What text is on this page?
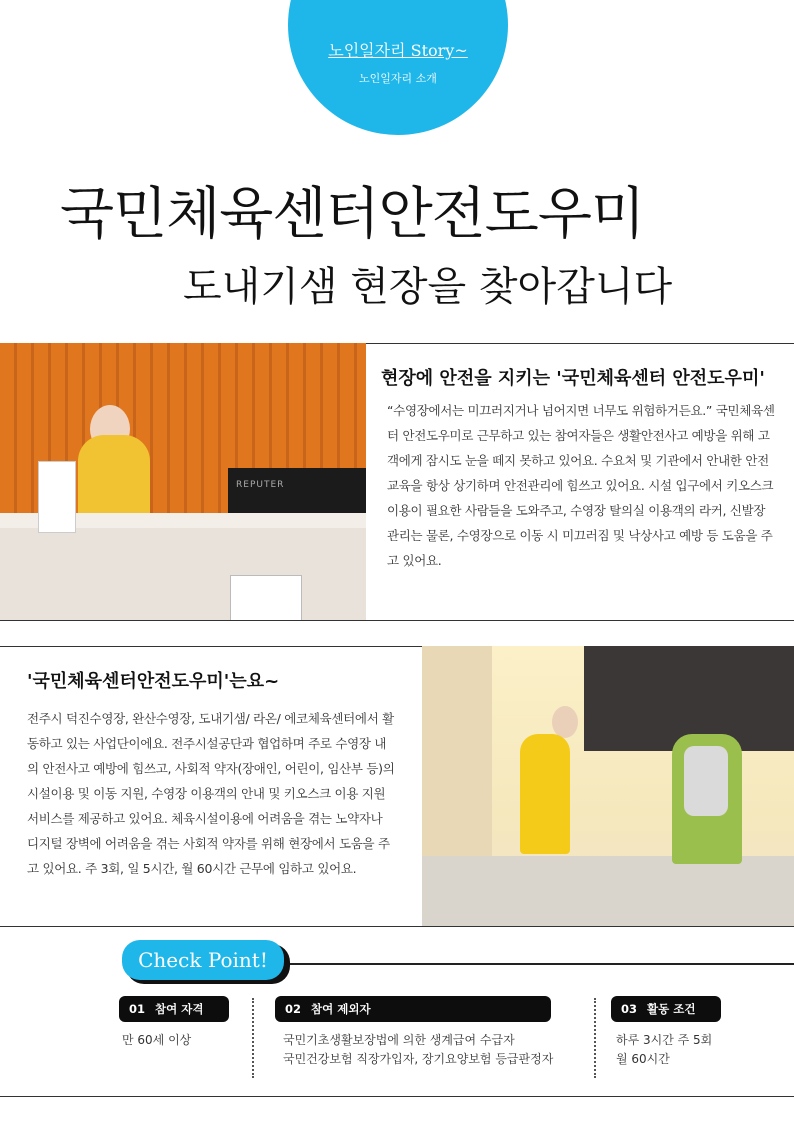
노인일자리 Story~
노인일자리 소개
국민체육센터안전도우미
도내기샘 현장을 찾아갑니다
REPUTER
현장에 안전을 지키는 '국민체육센터 안전도우미'

“수영장에서는 미끄러지거나 넘어지면 너무도 위험하거든요.” 국민체육센터 안전도우미로 근무하고 있는 참여자들은 생활안전사고 예방을 위해 고객에게 잠시도 눈을 떼지 못하고 있어요. 수요처 및 기관에서 안내한 안전교육을 항상 상기하며 안전관리에 힘쓰고 있어요. 시설 입구에서 키오스크 이용이 필요한 사람들을 도와주고, 수영장 탈의실 이용객의 라커, 신발장 관리는 물론, 수영장으로 이동 시 미끄러짐 및 낙상사고 예방 등 도움을 주고 있어요.

'국민체육센터안전도우미'는요~

전주시 덕진수영장, 완산수영장, 도내기샘/ 라온/ 에코체육센터에서 활동하고 있는 사업단이에요. 전주시설공단과 협업하며 주로 수영장 내의 안전사고 예방에 힘쓰고, 사회적 약자(장애인, 어린이, 임산부 등)의 시설이용 및 이동 지원, 수영장 이용객의 안내 및 키오스크 이용 지원 서비스를 제공하고 있어요. 체육시설이용에 어려움을 겪는 노약자나 디지털 장벽에 어려움을 겪는 사회적 약자를 위해 현장에서 도움을 주고 있어요. 주 3회, 일 5시간, 월 60시간 근무에 임하고 있어요.

Check Point!
01 참여 자격

만 60세 이상

02 참여 제외자

국민기초생활보장법에 의한 생계급여 수급자
국민건강보험 직장가입자, 장기요양보험 등급판정자

03 활동 조건

하루 3시간 주 5회
월 60시간
